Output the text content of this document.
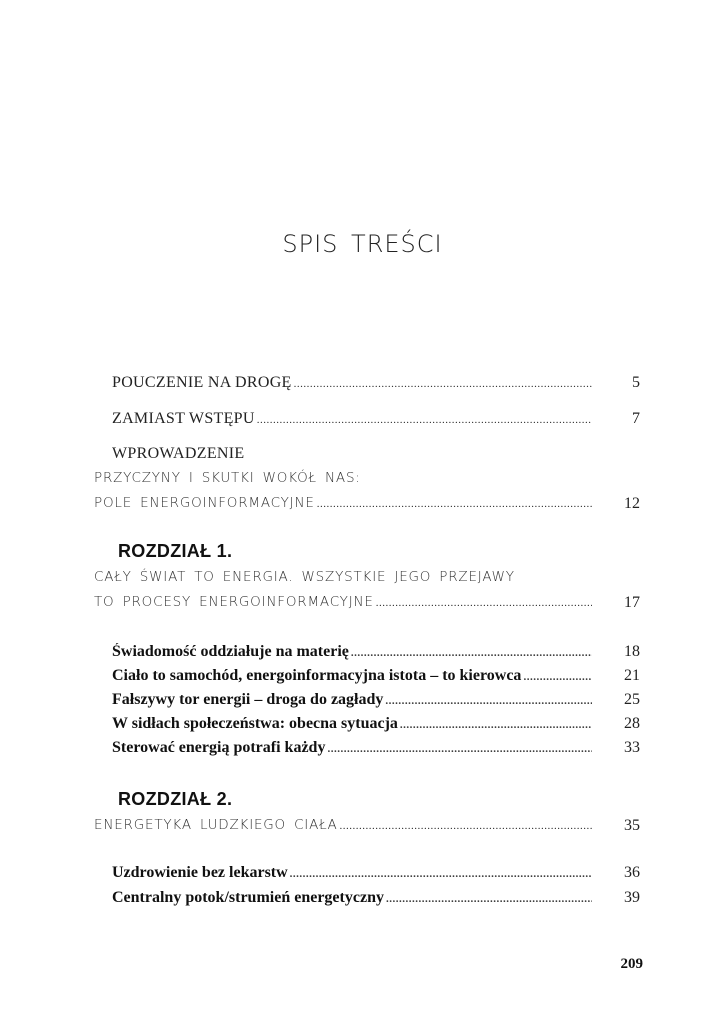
SPIS TREŚCI
POUCZENIE NA DROGĘ .....	5
ZAMIAST WSTĘPU .....	7
WPROWADZENIE
PRZYCZYNY I SKUTKI WOKÓŁ NAS:
POLE ENERGOINFORMACYJNE .....	12
ROZDZIAŁ 1.
CAŁY ŚWIAT TO ENERGIA. WSZYSTKIE JEGO PRZEJAWY
TO PROCESY ENERGOINFORMACYJNE .....	17
Świadomość oddziałuje na materię .....	18
Ciało to samochód, energoinformacyjna istota – to kierowca .....	21
Fałszywy tor energii – droga do zagłady .....	25
W sidłach społeczeństwa: obecna sytuacja .....	28
Sterować energią potrafi każdy .....	33
ROZDZIAŁ 2.
ENERGETYKA LUDZKIEGO CIAŁA .....	35
Uzdrowienie bez lekarstw .....	36
Centralny potok/strumień energetyczny .....	39
209
